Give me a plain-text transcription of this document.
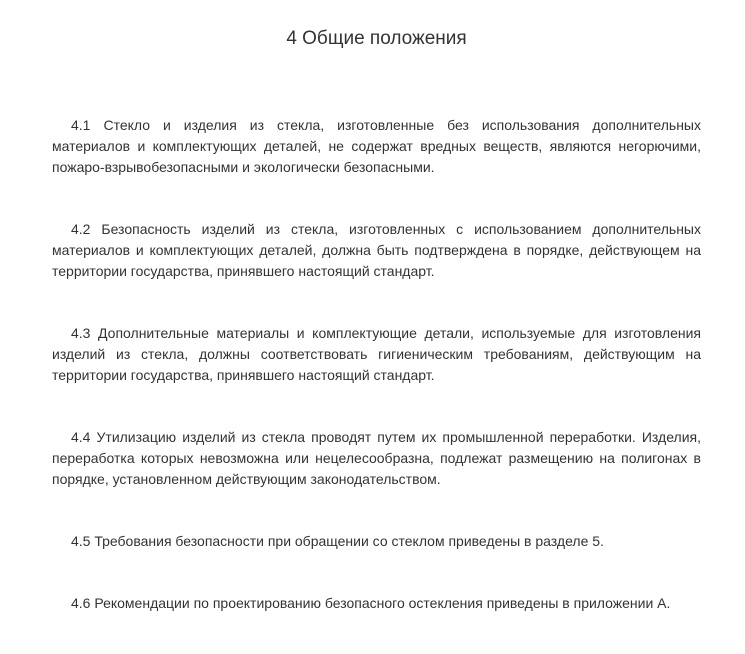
4 Общие положения

4.1 Стекло и изделия из стекла, изготовленные без использования дополнительных материалов и комплектующих деталей, не содержат вредных веществ, являются негорючими, пожаро-взрывобезопасными и экологически безопасными.

4.2 Безопасность изделий из стекла, изготовленных с использованием дополнительных материалов и комплектующих деталей, должна быть подтверждена в порядке, действующем на территории государства, принявшего настоящий стандарт.

4.3 Дополнительные материалы и комплектующие детали, используемые для изготовления изделий из стекла, должны соответствовать гигиеническим требованиям, действующим на территории государства, принявшего настоящий стандарт.

4.4 Утилизацию изделий из стекла проводят путем их промышленной переработки. Изделия, переработка которых невозможна или нецелесообразна, подлежат размещению на полигонах в порядке, установленном действующим законодательством.

4.5 Требования безопасности при обращении со стеклом приведены в разделе 5.

4.6 Рекомендации по проектированию безопасного остекления приведены в приложении А.
